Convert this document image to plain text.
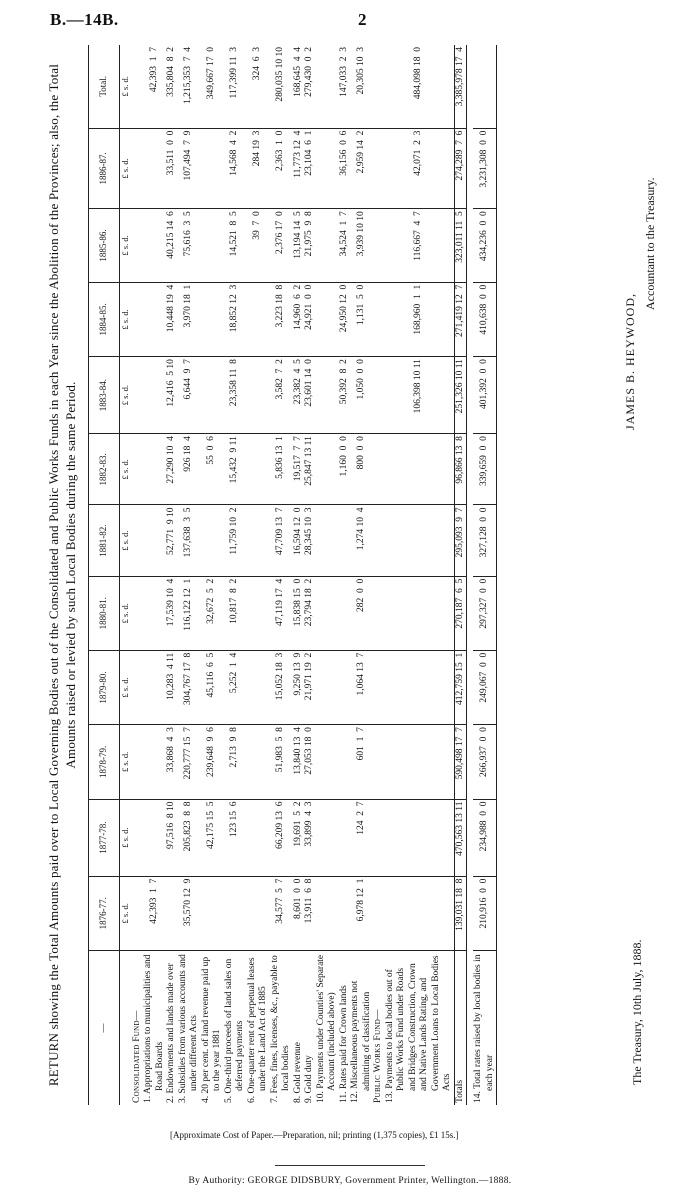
B.—14B.	2
RETURN showing the Total Amounts paid over to Local Governing Bodies out of the Consolidated and Public Works Funds in each Year since the Abolition of the Provinces; also, the Total Amounts raised or levied by such Local Bodies during the same Period.
—	1876-77.	1877-78.	1878-79.	1879-80.	1880-81.	1881-82.	1882-83.	1883-84.	1884-85.	1885-86.	1886-87.	Total.
	£ s. d.	£ s. d.	£ s. d.	£ s. d.	£ s. d.	£ s. d.	£ s. d.	£ s. d.	£ s. d.	£ s. d.	£ s. d.	£ s. d.
Consolidated Fund—												

1. Appropriations to municipalities and Road Boards	42,393  1  7											42,393  1  7

2. Endowments and lands made over		97,516  8 10	33,868  4  3	10,283  4 11	17,539 10  4	52,771  9 10	27,290 10  4	12,416  5 10	10,448 19  4	40,215 14  6	33,511  0  0	335,804  8  2

3. Subsidies from various accounts and under different Acts	35,570 12  9	205,823  8  8	220,777 15  7	304,767 17  8	116,122 12  1	137,638  3  5	926 18  4	6,644  9  7	3,970 18  1	75,616  3  5	107,494  7  9	1,215,353  7  4

4. 20 per cent. of land revenue paid up to the year 1881		42,175 15  5	239,648  9  6	45,116  6  5	32,672  5  2		55  0  6					349,667 17  0

5. One-third proceeds of land sales on deferred payments		123 15  6	2,713  9  8	5,252  1  4	10,817  8  2	11,759 10  2	15,432  9 11	23,358 11  8	18,852 12  3	14,521  8  5	14,568  4  2	117,399 11  3

6. One-quarter rent of perpetual leases under the Land Act of 1885										39  7  0	284 19  3	324  6  3

7. Fees, fines, licenses, &c., payable to local bodies	34,577  5  7	66,209 13  6	51,983  5  8	15,052 18  3	47,119 17  4	47,709 13  7	5,836 13  1	3,582  7  2	3,223 18  8	2,376 17  0	2,363  1  0	280,035 10 10

8. Gold revenue	8,601  0  0	19,691  5  2	13,840 13  4	9,250 13  9	15,838 15  0	16,594 12  0	19,517  7  7	23,382  4  5	14,960  6  2	13,194 14  5	11,773 12  4	168,645  4  4

9. Gold duty	13,911  6  8	33,899  4  3	27,053 18  0	21,971 19  2	23,794 18  2	28,345 10  3	25,847 13 11	23,601 14  0	24,921  0  0	21,975  9  8	23,104  6  1	279,430  0  2

10. Payments under Counties' Separate Account (included above)												

11. Rates paid for Crown lands							1,160  0  0	50,392  8  2	24,950 12  0	34,524  1  7	36,156  0  6	147,033  2  3

12. Miscellaneous payments not admitting of classification	6,978 12  1	124  2  7	601  1  7	1,064 13  7	282  0  0	1,274 10  4	800  0  0	1,050  0  0	1,131  5  0	3,939 10 10	2,959 14  2	20,305 10  3
Public Works Fund—												

13. Payments to local bodies out of Public Works Fund under Roads and Bridges Construction, Crown and Native Lands Rating, and Government Loans to Local Bodies Acts								106,398 10 11	168,960  1  1	116,667  4  7	42,071  2  3	484,098 18  0

Totals	139,031 18  8	470,563 13 11	590,498 17  7	412,759 15  1	270,187  6  5	295,093  9  7	96,866 13  8	251,326 10 11	271,419 12  7	323,011 11  5	274,289  7  6	3,385,978 17  4

14. Total rates raised by local bodies in each year	210,916  0  0	234,988  0  0	266,937  0  0	249,067  0  0	297,327  0  0	327,128  0  0	339,659  0  0	401,392  0  0	410,638  0  0	434,236  0  0	3,231,308  0  0	
The Treasury, 10th July, 1888.
JAMES B. HEYWOOD,
Accountant to the Treasury.
[Approximate Cost of Paper.—Preparation, nil; printing (1,375 copies), £1 15s.]
By Authority: GEORGE DIDSBURY, Government Printer, Wellington.—1888.
